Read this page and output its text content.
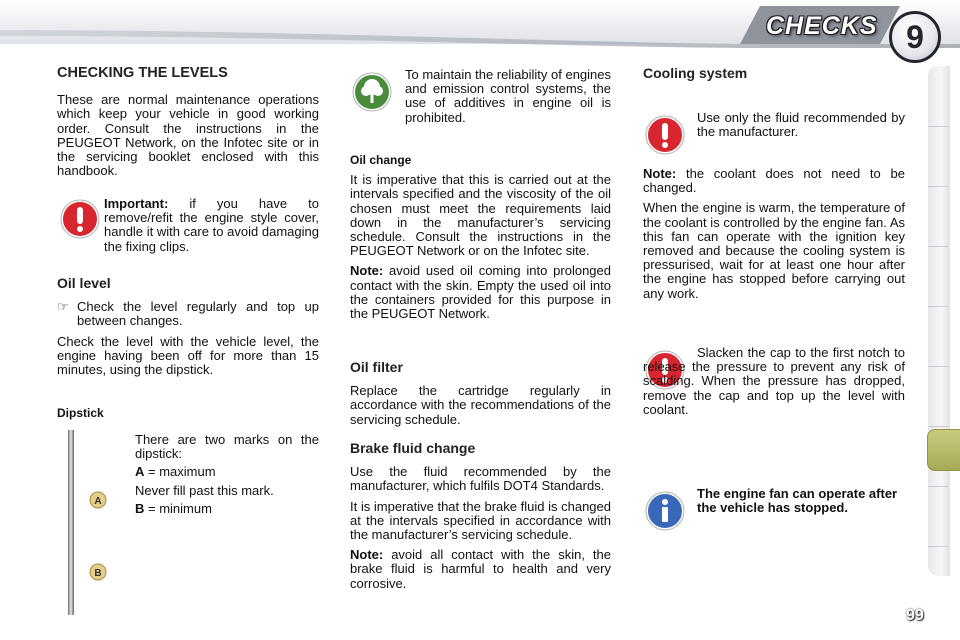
CHECKS 9
CHECKING THE LEVELS
These are normal maintenance operations which keep your vehicle in good working order. Consult the instructions in the PEUGEOT Network, on the Infotec site or in the servicing booklet enclosed with this handbook.
Important: if you have to remove/refit the engine style cover, handle it with care to avoid damaging the fixing clips.
Oil level
☞ Check the level regularly and top up between changes.
Check the level with the vehicle level, the engine having been off for more than 15 minutes, using the dipstick.
Dipstick
There are two marks on the dipstick:
A = maximum
Never fill past this mark.
B = minimum
A
B
To maintain the reliability of engines and emission control systems, the use of additives in engine oil is prohibited.
Oil change
It is imperative that this is carried out at the intervals specified and the viscosity of the oil chosen must meet the requirements laid down in the manufacturer’s servicing schedule. Consult the instructions in the PEUGEOT Network or on the Infotec site.
Note: avoid used oil coming into prolonged contact with the skin. Empty the used oil into the containers provided for this purpose in the PEUGEOT Network.
Oil filter
Replace the cartridge regularly in accordance with the recommendations of the servicing schedule.
Brake fluid change
Use the fluid recommended by the manufacturer, which fulfils DOT4 Standards.
It is imperative that the brake fluid is changed at the intervals specified in accordance with the manufacturer’s servicing schedule.
Note: avoid all contact with the skin, the brake fluid is harmful to health and very corrosive.
Cooling system
Use only the fluid recommended by the manufacturer.
Note: the coolant does not need to be changed.
When the engine is warm, the temperature of the coolant is controlled by the engine fan. As this fan can operate with the ignition key removed and because the cooling system is pressurised, wait for at least one hour after the engine has stopped before carrying out any work.
Slacken the cap to the first notch to release the pressure to prevent any risk of scalding. When the pressure has dropped, remove the cap and top up the level with coolant.
The engine fan can operate after the vehicle has stopped.
99
